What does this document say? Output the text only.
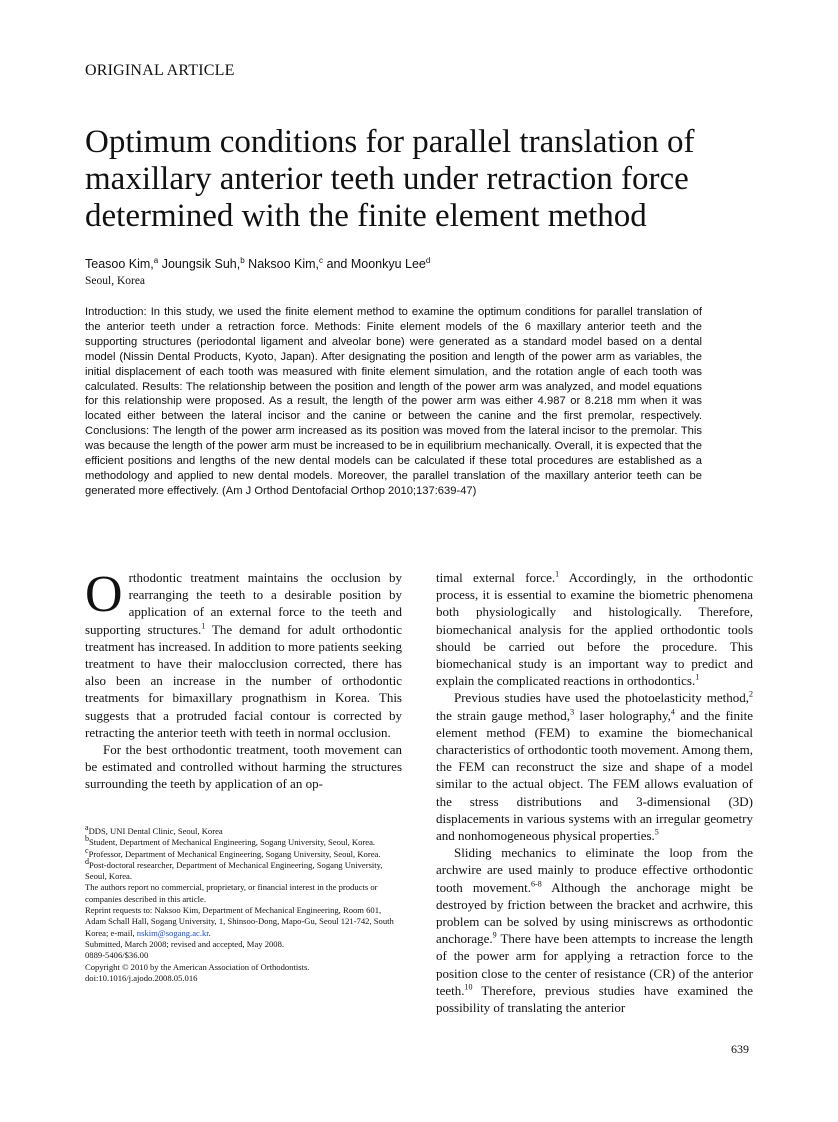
ORIGINAL ARTICLE
Optimum conditions for parallel translation of
maxillary anterior teeth under retraction force
determined with the finite element method
Teasoo Kim,$^a$ Joungsik Suh,$^b$ Naksoo Kim,$^c$ and Moonkyu Lee$^d$
Seoul, Korea

Introduction: In this study, we used the finite element method to examine the optimum conditions for parallel translation of the anterior teeth under a retraction force. Methods: Finite element models of the 6 maxillary anterior teeth and the supporting structures (periodontal ligament and alveolar bone) were generated as a standard model based on a dental model (Nissin Dental Products, Kyoto, Japan). After designating the position and length of the power arm as variables, the initial displacement of each tooth was measured with finite element simulation, and the rotation angle of each tooth was calculated. Results: The relationship between the position and length of the power arm was analyzed, and model equations for this relationship were proposed. As a result, the length of the power arm was either 4.987 or 8.218 mm when it was located either between the lateral incisor and the canine or between the canine and the first premolar, respectively. Conclusions: The length of the power arm increased as its position was moved from the lateral incisor to the premolar. This was because the length of the power arm must be increased to be in equilibrium mechanically. Overall, it is expected that the efficient positions and lengths of the new dental models can be calculated if these total procedures are established as a methodology and applied to new dental models. Moreover, the parallel translation of the maxillary anterior teeth can be generated more effectively. (Am J Orthod Dentofacial Orthop 2010;137:639-47)

Orthodontic treatment maintains the occlusion by rearranging the teeth to a desirable position by application of an external force to the teeth and supporting structures.$^1$ The demand for adult orthodontic treatment has increased. In addition to more patients seeking treatment to have their malocclusion corrected, there has also been an increase in the number of orthodontic treatments for bimaxillary prognathism in Korea. This suggests that a protruded facial contour is corrected by retracting the anterior teeth with teeth in normal occlusion.

For the best orthodontic treatment, tooth movement can be estimated and controlled without harming the structures surrounding the teeth by application of an op-

timal external force.$^1$ Accordingly, in the orthodontic process, it is essential to examine the biometric phenomena both physiologically and histologically. Therefore, biomechanical analysis for the applied orthodontic tools should be carried out before the procedure. This biomechanical study is an important way to predict and explain the complicated reactions in orthodontics.$^1$

Previous studies have used the photoelasticity method,$^2$ the strain gauge method,$^3$ laser holography,$^4$ and the finite element method (FEM) to examine the biomechanical characteristics of orthodontic tooth movement. Among them, the FEM can reconstruct the size and shape of a model similar to the actual object. The FEM allows evaluation of the stress distributions and 3-dimensional (3D) displacements in various systems with an irregular geometry and nonhomogeneous physical properties.$^5$

Sliding mechanics to eliminate the loop from the archwire are used mainly to produce effective orthodontic tooth movement.$^{6-8}$ Although the anchorage might be destroyed by friction between the bracket and acrhwire, this problem can be solved by using miniscrews as orthodontic anchorage.$^9$ There have been attempts to increase the length of the power arm for applying a retraction force to the position close to the center of resistance (CR) of the anterior teeth.$^{10}$ Therefore, previous studies have examined the possibility of translating the anterior

$^a$DDS, UNI Dental Clinic, Seoul, Korea
$^b$Student, Department of Mechanical Engineering, Sogang University, Seoul, Korea.
$^c$Professor, Department of Mechanical Engineering, Sogang University, Seoul, Korea.
$^d$Post-doctoral researcher, Department of Mechanical Engineering, Sogang University, Seoul, Korea.
The authors report no commercial, proprietary, or financial interest in the products or companies described in this article.
Reprint requests to: Naksoo Kim, Department of Mechanical Engineering, Room 601, Adam Schall Hall, Sogang University, 1, Shinsoo-Dong, Mapo-Gu, Seoul 121-742, South Korea; e-mail, nskim@sogang.ac.kr.
Submitted, March 2008; revised and accepted, May 2008.
0889-5406/$36.00
Copyright © 2010 by the American Association of Orthodontists.
doi:10.1016/j.ajodo.2008.05.016
639
